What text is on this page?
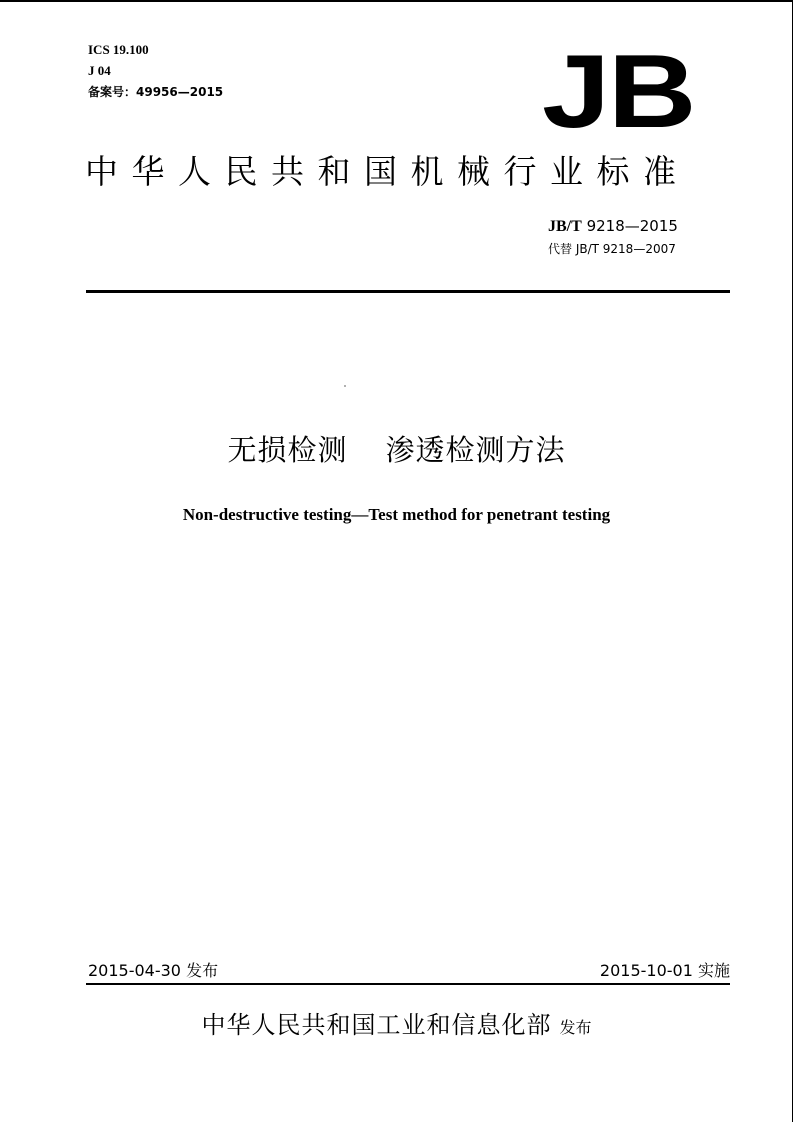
ICS 19.100
J 04
备案号：49956—2015	JB
中华人民共和国机械行业标准
JB/T 9218—2015
代替 JB/T 9218—2007
无损检测 渗透检测方法
Non-destructive testing—Test method for penetrant testing
2015-04-30 发布	2015-10-01 实施
中华人民共和国工业和信息化部 发布
